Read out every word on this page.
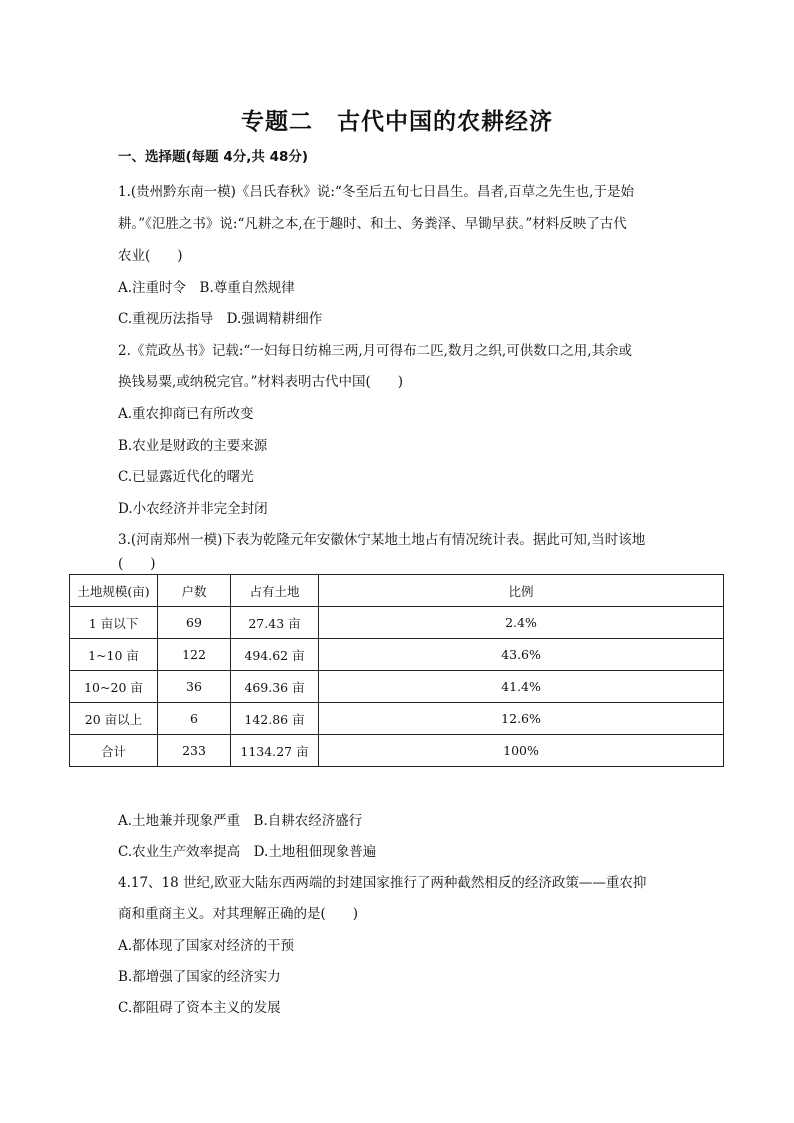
专题二　古代中国的农耕经济
一、选择题(每题 4分,共 48分)
1.(贵州黔东南一模)《吕氏春秋》说:“冬至后五旬七日昌生。昌者,百草之先生也,于是始
耕。”《氾胜之书》说:“凡耕之本,在于趣时、和土、务粪泽、早锄早获。”材料反映了古代
农业(　　)
A.注重时令　B.尊重自然规律
C.重视历法指导　D.强调精耕细作
2.《荒政丛书》记载:“一妇每日纺棉三两,月可得布二匹,数月之织,可供数口之用,其余或
换钱易粟,或纳税完官。”材料表明古代中国(　　)
A.重农抑商已有所改变
B.农业是财政的主要来源
C.已显露近代化的曙光
D.小农经济并非完全封闭
3.(河南郑州一模)下表为乾隆元年安徽休宁某地土地占有情况统计表。据此可知,当时该地
(　　)
土地规模(亩)	户数	占有土地	比例
1 亩以下	69	27.43 亩	2.4%
1~10 亩	122	494.62 亩	43.6%
10~20 亩	36	469.36 亩	41.4%
20 亩以上	6	142.86 亩	12.6%
合计	233	1134.27 亩	100%
A.土地兼并现象严重　B.自耕农经济盛行
C.农业生产效率提高　D.土地租佃现象普遍
4.17、18 世纪,欧亚大陆东西两端的封建国家推行了两种截然相反的经济政策——重农抑
商和重商主义。对其理解正确的是(　　)
A.都体现了国家对经济的干预
B.都增强了国家的经济实力
C.都阻碍了资本主义的发展
